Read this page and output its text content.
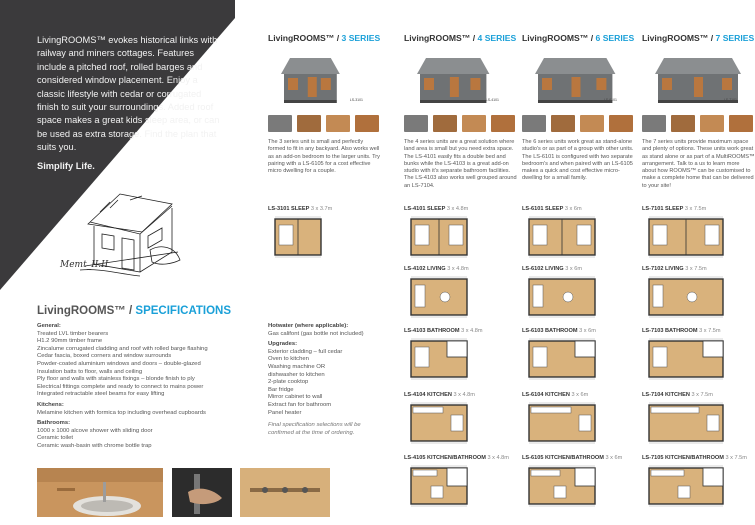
LivingROOMS™ evokes historical links with railway and miners cottages. Features include a pitched roof, rolled barges and considered window placement. Enjoy a classic lifestyle with cedar or corrugated finish to suit your surroundings. Added roof space makes a great kids sleep area, or can be used as extra storage. Find the plan that suits you.

Simplify Life.
Memt_II.II
LivingROOMS™ / SPECIFICATIONS
General:
Treated LVL timber bearers
H1.2 90mm timber frame
Zincalume corrugated cladding and roof with rolled barge flashing
Cedar fascia, boxed corners and window surrounds
Powder-coated aluminium windows and doors – double-glazed
Insulation batts to floor, walls and ceiling
Ply floor and walls with stainless fixings – blonde finish to ply
Electrical fittings complete and ready to connect to mains power
Integrated retractable steel beams for easy lifting
Kitchens:
Melamine kitchen with formica top including overhead cupboards
Bathrooms:
1000 x 1000 alcove shower with sliding door
Ceramic toilet
Ceramic wash-basin with chrome bottle trap
Hotwater (where applicable):
Gas califont (gas bottle not included)
Upgrades:
Exterior cladding – full cedar
Oven to kitchen
Washing machine OR
dishwasher to kitchen
2-plate cooktop
Bar fridge
Mirror cabinet to wall
Extract fan for bathroom
Panel heater
Final specification selections will be confirmed at the time of ordering.
LivingROOMS™ / 3 SERIES
LS-3101

The 3 series unit is small and perfectly formed to fit in any backyard. Also works well as an add-on bedroom to the larger units. Try pairing with a LS-6105 for a cost effective micro dwelling for a couple.

LivingROOMS™ / 4 SERIES
LS-4101

The 4 series units are a great solution where land area is small but you need extra space. The LS-4101 easily fits a double bed and bunks while the LS-4103 is a great add-on studio with it's separate bathroom facilities. The LS-4103 also works well grouped around an LS-7104.

LivingROOMS™ / 6 SERIES
LS-6101

The 6 series units work great as stand-alone studio's or as part of a group with other units. The LS-6101 is configured with two separate bedroom's and when paired with an LS-6105 makes a quick and cost effective micro-dwelling for a small family.

LivingROOMS™ / 7 SERIES
LS-7101

The 7 series units provide maximum space and plenty of options. These units work great as stand alone or as part of a MultiROOMS™ arrangement. Talk to a us to learn more about how ROOMS™ can be customised to make a complete home that can be delivered to your site!

LS-3101 SLEEP 3 x 3.7m	LS-4101 SLEEP 3 x 4.8m
LS-4102 LIVING 3 x 4.8m
LS-4103 BATHROOM 3 x 4.8m
LS-4104 KITCHEN 3 x 4.8m
LS-4105 KITCHEN/BATHROOM 3 x 4.8m
LS-6101 SLEEP 3 x 6m
LS-6102 LIVING 3 x 6m
LS-6103 BATHROOM 3 x 6m
LS-6104 KITCHEN 3 x 6m
LS-6105 KITCHEN/BATHROOM 3 x 6m
LS-7101 SLEEP 3 x 7.5m
LS-7102 LIVING 3 x 7.5m
LS-7103 BATHROOM 3 x 7.5m
LS-7104 KITCHEN 3 x 7.5m
LS-7105 KITCHEN/BATHROOM 3 x 7.5m
